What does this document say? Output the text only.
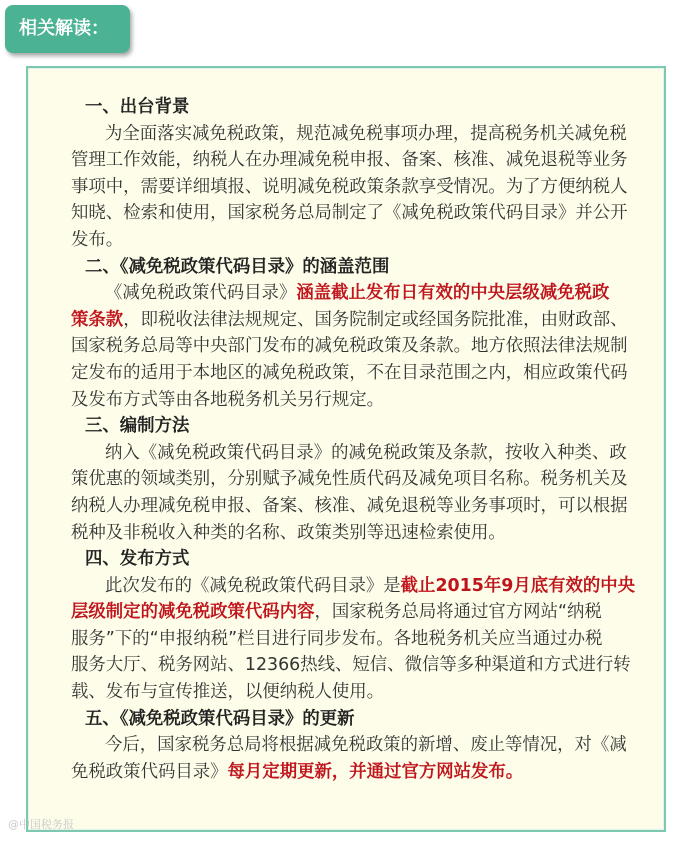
相关解读：
一、出台背景
为全面落实减免税政策，规范减免税事项办理，提高税务机关减免税
管理工作效能，纳税人在办理减免税申报、备案、核准、减免退税等业务
事项中，需要详细填报、说明减免税政策条款享受情况。为了方便纳税人
知晓、检索和使用，国家税务总局制定了《减免税政策代码目录》并公开
发布。
二、《减免税政策代码目录》的涵盖范围
《减免税政策代码目录》涵盖截止发布日有效的中央层级减免税政
策条款，即税收法律法规规定、国务院制定或经国务院批准，由财政部、
国家税务总局等中央部门发布的减免税政策及条款。地方依照法律法规制
定发布的适用于本地区的减免税政策，不在目录范围之内，相应政策代码
及发布方式等由各地税务机关另行规定。
三、编制方法
纳入《减免税政策代码目录》的减免税政策及条款，按收入种类、政
策优惠的领域类别，分别赋予减免性质代码及减免项目名称。税务机关及
纳税人办理减免税申报、备案、核准、减免退税等业务事项时，可以根据
税种及非税收入种类的名称、政策类别等迅速检索使用。
四、发布方式
此次发布的《减免税政策代码目录》是截止2015年9月底有效的中央
层级制定的减免税政策代码内容，国家税务总局将通过官方网站“纳税
服务”下的“申报纳税”栏目进行同步发布。各地税务机关应当通过办税
服务大厅、税务网站、12366热线、短信、微信等多种渠道和方式进行转
载、发布与宣传推送，以便纳税人使用。
五、《减免税政策代码目录》的更新
今后，国家税务总局将根据减免税政策的新增、废止等情况，对《减
免税政策代码目录》每月定期更新，并通过官方网站发布。
@中国税务报
